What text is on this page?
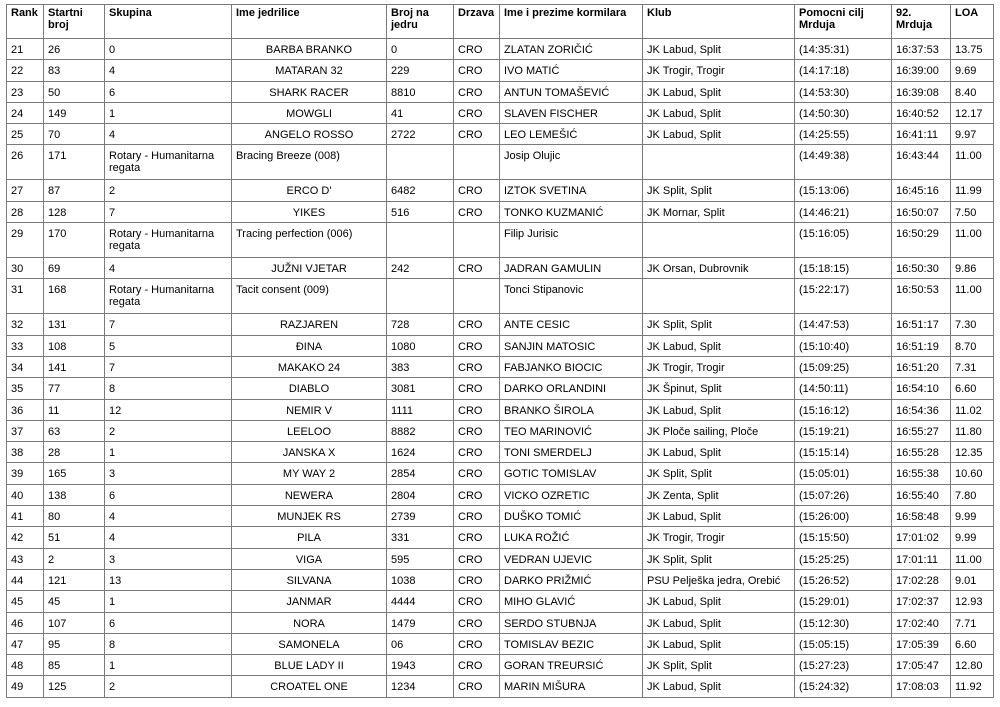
Rank	Startni broj	Skupina	Ime jedrilice	Broj na jedru	Drzava	Ime i prezime kormilara	Klub	Pomocni cilj Mrduja	92. Mrduja	LOA
21	26	0	BARBA BRANKO	0	CRO	ZLATAN ZORIČIĆ	JK Labud, Split	(14:35:31)	16:37:53	13.75
22	83	4	MATARAN 32	229	CRO	IVO MATIĆ	JK Trogir, Trogir	(14:17:18)	16:39:00	9.69
23	50	6	SHARK RACER	8810	CRO	ANTUN TOMAŠEVIĆ	JK Labud, Split	(14:53:30)	16:39:08	8.40
24	149	1	MOWGLI	41	CRO	SLAVEN FISCHER	JK Labud, Split	(14:50:30)	16:40:52	12.17
25	70	4	ANGELO ROSSO	2722	CRO	LEO LEMEŠIĆ	JK Labud, Split	(14:25:55)	16:41:11	9.97
26	171	Rotary - Humanitarna regata	Bracing Breeze (008)			Josip Olujic		(14:49:38)	16:43:44	11.00
27	87	2	ERCO D'	6482	CRO	IZTOK SVETINA	JK Split, Split	(15:13:06)	16:45:16	11.99
28	128	7	YIKES	516	CRO	TONKO KUZMANIĆ	JK Mornar, Split	(14:46:21)	16:50:07	7.50
29	170	Rotary - Humanitarna regata	Tracing perfection (006)			Filip Jurisic		(15:16:05)	16:50:29	11.00
30	69	4	JUŽNI VJETAR	242	CRO	JADRAN GAMULIN	JK Orsan, Dubrovnik	(15:18:15)	16:50:30	9.86
31	168	Rotary - Humanitarna regata	Tacit consent (009)			Tonci Stipanovic		(15:22:17)	16:50:53	11.00
32	131	7	RAZJAREN	728	CRO	ANTE CESIC	JK Split, Split	(14:47:53)	16:51:17	7.30
33	108	5	ĐINA	1080	CRO	SANJIN MATOSIC	JK Labud, Split	(15:10:40)	16:51:19	8.70
34	141	7	MAKAKO 24	383	CRO	FABJANKO BIOCIC	JK Trogir, Trogir	(15:09:25)	16:51:20	7.31
35	77	8	DIABLO	3081	CRO	DARKO ORLANDINI	JK Špinut, Split	(14:50:11)	16:54:10	6.60
36	11	12	NEMIR V	1111	CRO	BRANKO ŠIROLA	JK Labud, Split	(15:16:12)	16:54:36	11.02
37	63	2	LEELOO	8882	CRO	TEO MARINOVIĆ	JK Ploče sailing, Ploče	(15:19:21)	16:55:27	11.80
38	28	1	JANSKA X	1624	CRO	TONI SMERDELJ	JK Labud, Split	(15:15:14)	16:55:28	12.35
39	165	3	MY WAY 2	2854	CRO	GOTIC TOMISLAV	JK Split, Split	(15:05:01)	16:55:38	10.60
40	138	6	NEWERA	2804	CRO	VICKO OZRETIC	JK Zenta, Split	(15:07:26)	16:55:40	7.80
41	80	4	MUNJEK RS	2739	CRO	DUŠKO TOMIĆ	JK Labud, Split	(15:26:00)	16:58:48	9.99
42	51	4	PILA	331	CRO	LUKA ROŽIĆ	JK Trogir, Trogir	(15:15:50)	17:01:02	9.99
43	2	3	VIGA	595	CRO	VEDRAN UJEVIC	JK Split, Split	(15:25:25)	17:01:11	11.00
44	121	13	SILVANA	1038	CRO	DARKO PRIŽMIĆ	PSU Pelješka jedra, Orebić	(15:26:52)	17:02:28	9.01
45	45	1	JANMAR	4444	CRO	MIHO GLAVIĆ	JK Labud, Split	(15:29:01)	17:02:37	12.93
46	107	6	NORA	1479	CRO	SERDO STUBNJA	JK Labud, Split	(15:12:30)	17:02:40	7.71
47	95	8	SAMONELA	06	CRO	TOMISLAV BEZIC	JK Labud, Split	(15:05:15)	17:05:39	6.60
48	85	1	BLUE LADY II	1943	CRO	GORAN TREURSIĆ	JK Split, Split	(15:27:23)	17:05:47	12.80
49	125	2	CROATEL ONE	1234	CRO	MARIN MIŠURA	JK Labud, Split	(15:24:32)	17:08:03	11.92
